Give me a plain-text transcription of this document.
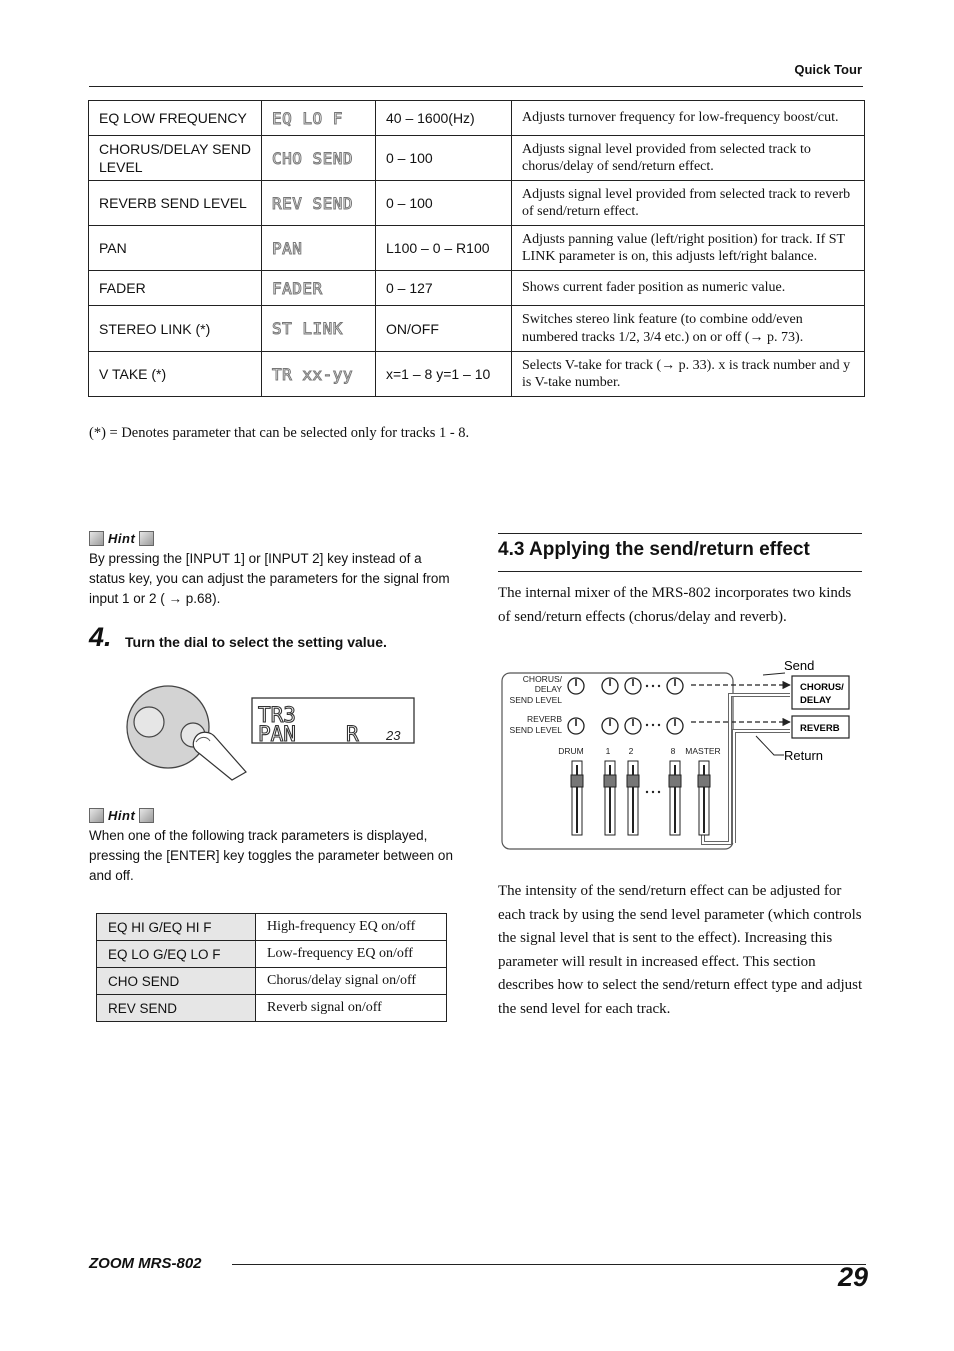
Quick Tour
EQ LOW FREQUENCY	EQ LO F	40 – 1600(Hz)	Adjusts turnover frequency for low-frequency boost/cut.
CHORUS/DELAY SEND LEVEL	CHO SEND	0 – 100	Adjusts signal level provided from selected track to chorus/delay of send/return effect.
REVERB SEND LEVEL	REV SEND	0 – 100	Adjusts signal level provided from selected track to reverb of send/return effect.
PAN	PAN	L100 – 0 – R100	Adjusts panning value (left/right position) for track. If ST LINK parameter is on, this adjusts left/right balance.
FADER	FADER	0 – 127	Shows current fader position as numeric value.
STEREO LINK (*)	ST LINK	ON/OFF	Switches stereo link feature (to combine odd/even numbered tracks 1/2, 3/4 etc.) on or off (→ p. 73).
V TAKE (*)	TR xx-yy	x=1 – 8 y=1 – 10	Selects V-take for track (→ p. 33). x is track number and y is V-take number.
(*) = Denotes parameter that can be selected only for tracks 1 - 8.
Hint
By pressing the [INPUT 1] or [INPUT 2] key instead of a
status key, you can adjust the parameters for the signal from
input 1 or 2 ( → p.68).
4. Turn the dial to select the setting value.
TR3
PAN R 23
Hint
When one of the following track parameters is displayed,
pressing the [ENTER] key toggles the parameter between on
and off.
EQ HI G/EQ HI F	High-frequency EQ on/off
EQ LO G/EQ LO F	Low-frequency EQ on/off
CHO SEND	Chorus/delay signal on/off
REV SEND	Reverb signal on/off
4.3 Applying the send/return effect
The internal mixer of the MRS-802 incorporates two kinds
of send/return effects (chorus/delay and reverb).
CHORUS/
DELAY
SEND LEVEL
REVERB
SEND LEVEL
CHORUS/
DELAY
REVERB
Send
Return
DRUM	1 2	8 MASTER
The intensity of the send/return effect can be adjusted for
each track by using the send level parameter (which controls
the signal level that is sent to the effect). Increasing this
parameter will result in increased effect. This section
describes how to select the send/return effect type and adjust
the send level for each track.
ZOOM MRS-802	29
